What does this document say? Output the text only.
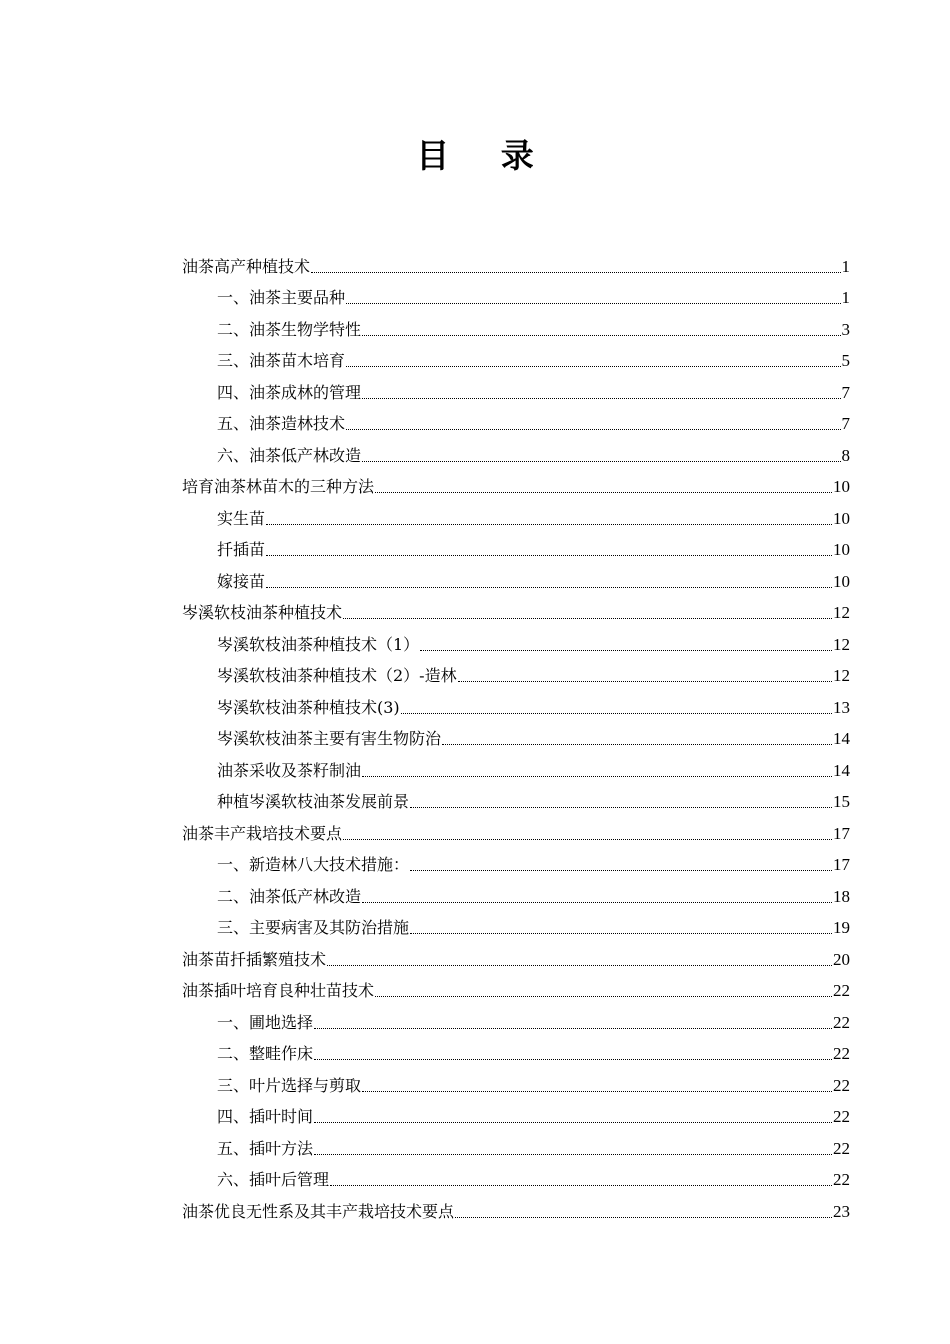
目 录
油茶高产种植技术	1
一、油茶主要品种	1
二、油茶生物学特性	3
三、油茶苗木培育	5
四、油茶成林的管理	7
五、油茶造林技术	7
六、油茶低产林改造	8
培育油茶林苗木的三种方法	10
实生苗	10
扦插苗	10
嫁接苗	10
岑溪软枝油茶种植技术	12
岑溪软枝油茶种植技术（1）	12
岑溪软枝油茶种植技术（2）-造林	12
岑溪软枝油茶种植技术(3)	13
岑溪软枝油茶主要有害生物防治	14
油茶采收及茶籽制油	14
种植岑溪软枝油茶发展前景	15
油茶丰产栽培技术要点	17
一、新造林八大技术措施：	17
二、油茶低产林改造	18
三、主要病害及其防治措施	19
油茶苗扦插繁殖技术	20
油茶插叶培育良种壮苗技术	22
一、圃地选择	22
二、整畦作床	22
三、叶片选择与剪取	22
四、插叶时间	22
五、插叶方法	22
六、插叶后管理	22
油茶优良无性系及其丰产栽培技术要点	23
